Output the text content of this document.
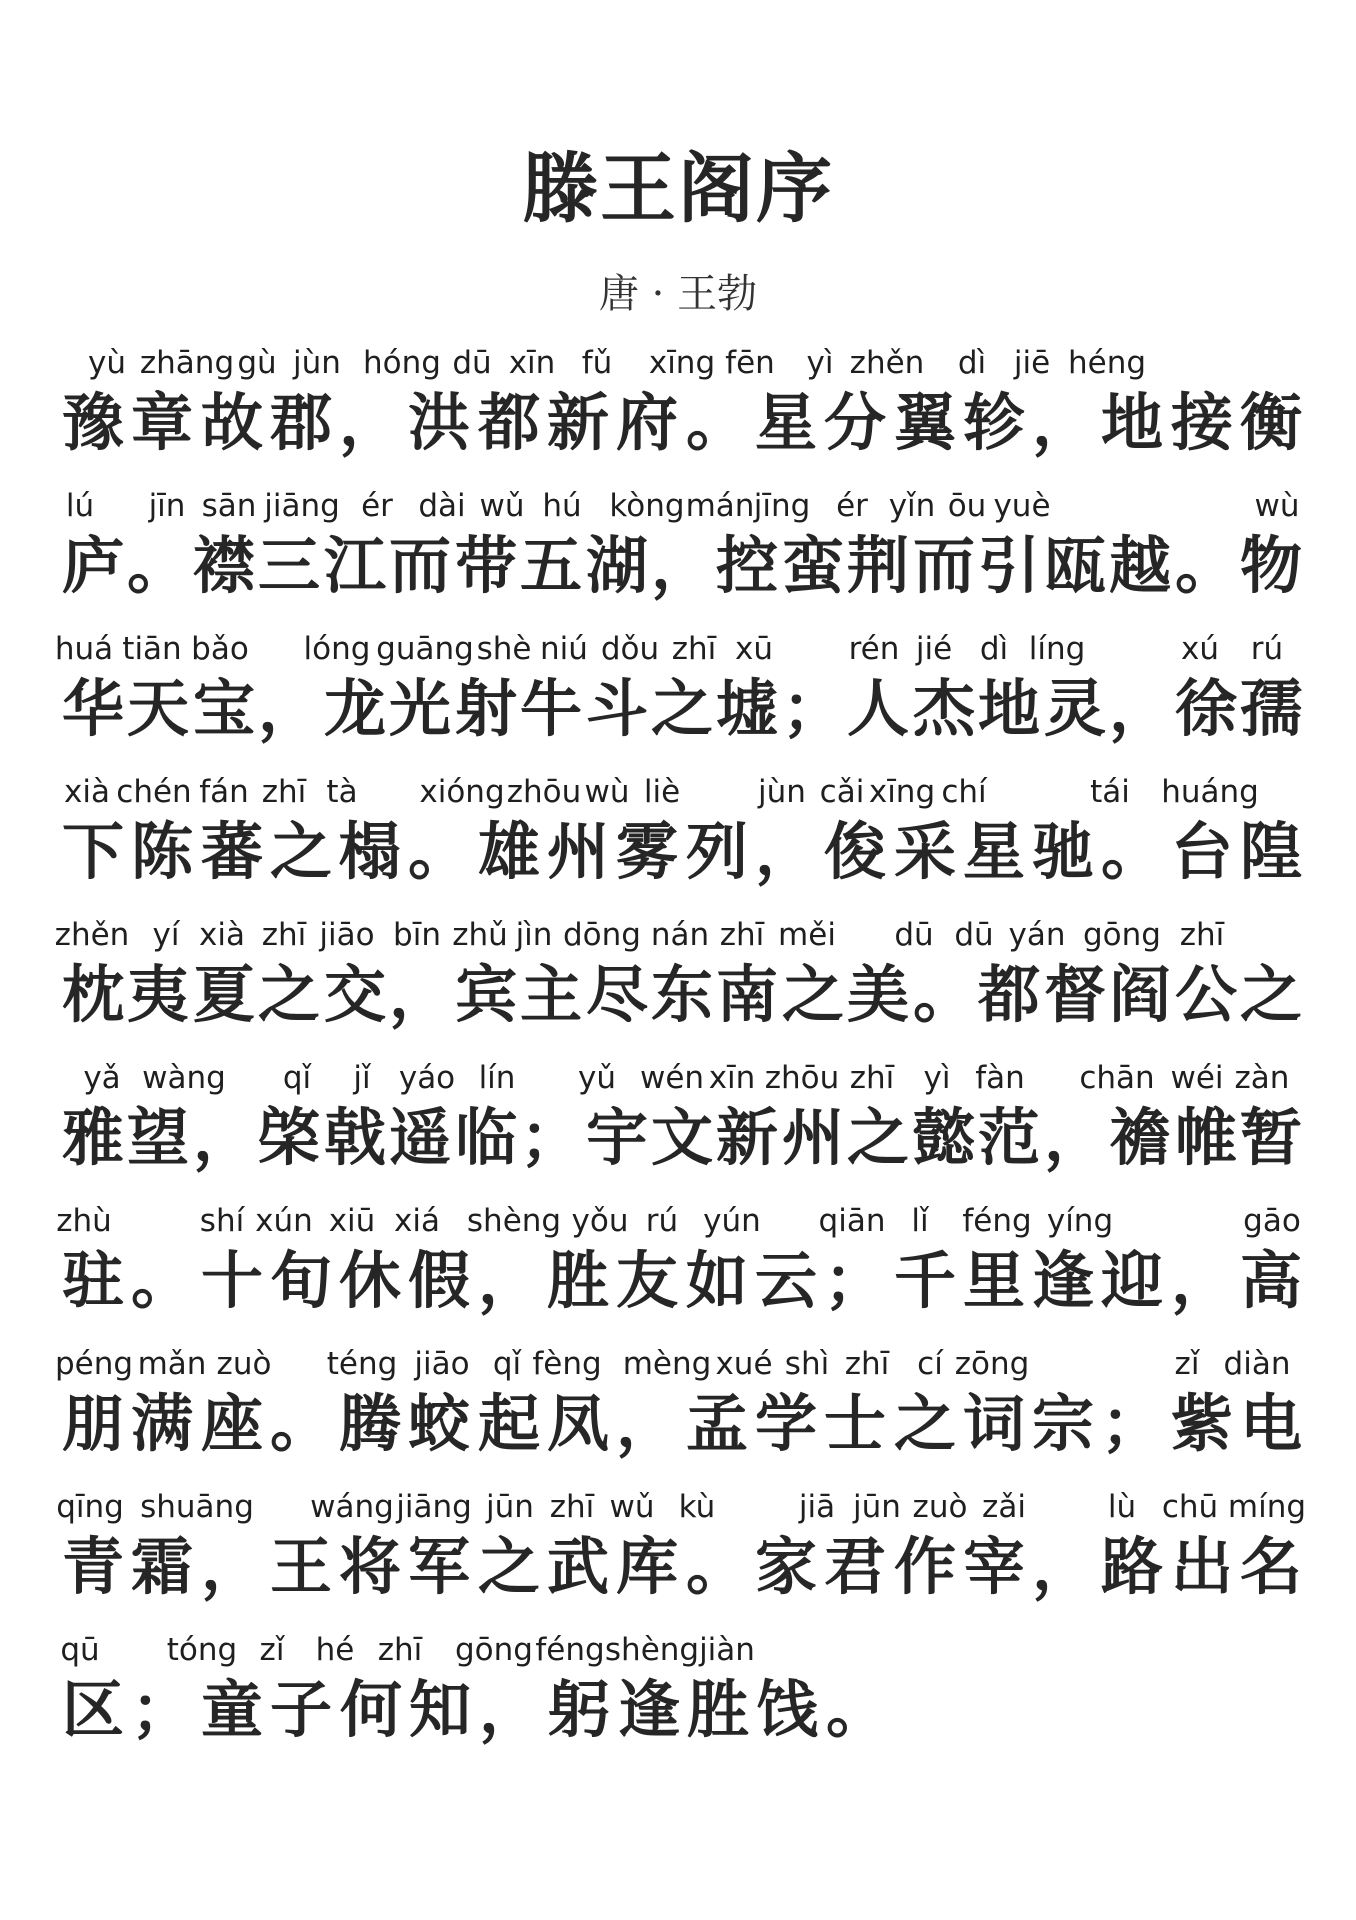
滕王阁序
唐 · 王勃
yù zhāng gù jùn hóng dū xīn fǔ xīng fēn yì zhěn dì jiē héng
豫 章 故 郡 ， 洪 都 新 府 。 星 分 翼 轸 ， 地 接 衡
lú jīn sān jiāng ér dài wǔ hú kòng mán jīng ér yǐn ōu yuè	wù
庐 。 襟 三 江 而 带 五 湖 ， 控 蛮 荆 而 引 瓯 越 。 物
huá tiān bǎo lóng guāng shè niú dǒu zhī xū rén jié dì líng	xú rú
华 天 宝 ， 龙 光 射 牛 斗 之 墟 ； 人 杰 地 灵 ， 徐 孺
xià chén fán zhī tà xióng zhōu wù liè	jùn cǎi xīng chí	tái huáng
下 陈 蕃 之 榻 。 雄 州 雾 列 ， 俊 采 星 驰 。 台 隍
zhěn yí xià zhī jiāo bīn zhǔ jìn dōng nán zhī měi dū dū yán gōng zhī
枕 夷 夏 之 交 ， 宾 主 尽 东 南 之 美 。 都 督 阎 公 之
yǎ wàng qǐ jǐ yáo lín yǔ wén xīn zhōu zhī yì fàn chān wéi zàn
雅 望 ， 棨 戟 遥 临 ； 宇 文 新 州 之 懿 范 ， 襜 帷 暂
zhù	shí xún xiū xiá shèng yǒu rú yún qiān lǐ féng yíng	gāo
驻 。 十 旬 休 假 ， 胜 友 如 云 ； 千 里 逢 迎 ， 高
péng mǎn zuò téng jiāo qǐ fèng mèng xué shì zhī cí zōng	zǐ diàn
朋 满 座 。 腾 蛟 起 凤 ， 孟 学 士 之 词 宗 ； 紫 电
qīng shuāng wáng jiāng jūn zhī wǔ kù	jiā jūn zuò zǎi	lù chū míng
青 霜 ， 王 将 军 之 武 库 。 家 君 作 宰 ， 路 出 名
qū tóng zǐ hé zhī gōng féng shèng jiàn
区 ； 童 子 何 知 ， 躬 逢 胜 饯 。
